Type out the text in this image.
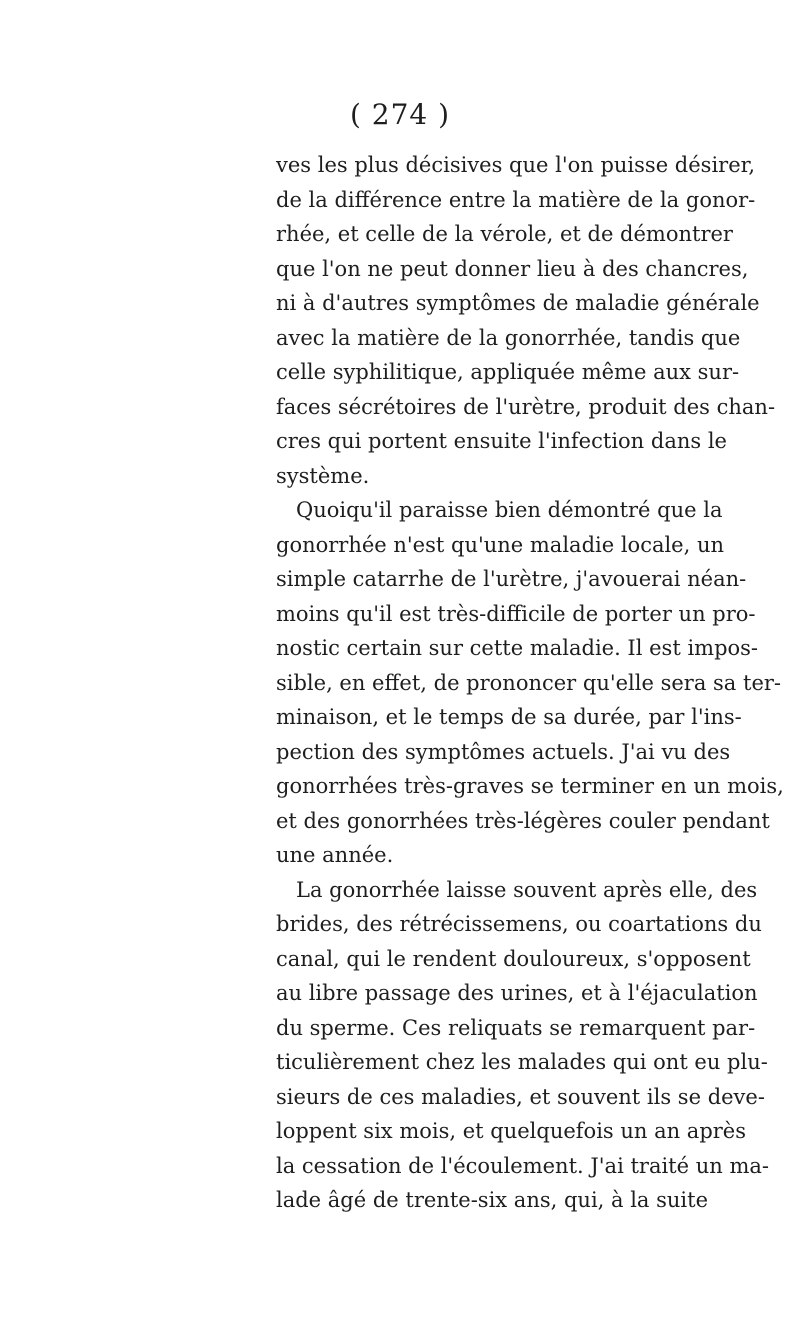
( 274 )
ves les plus décisives que l'on puisse désirer,
de la différence entre la matière de la gonor-
rhée, et celle de la vérole, et de démontrer
que l'on ne peut donner lieu à des chancres,
ni à d'autres symptômes de maladie générale
avec la matière de la gonorrhée, tandis que
celle syphilitique, appliquée même aux sur-
faces sécrétoires de l'urètre, produit des chan-
cres qui portent ensuite l'infection dans le
système.
Quoiqu'il paraisse bien démontré que la
gonorrhée n'est qu'une maladie locale, un
simple catarrhe de l'urètre, j'avouerai néan-
moins qu'il est très-difficile de porter un pro-
nostic certain sur cette maladie. Il est impos-
sible, en effet, de prononcer qu'elle sera sa ter-
minaison, et le temps de sa durée, par l'ins-
pection des symptômes actuels. J'ai vu des
gonorrhées très-graves se terminer en un mois,
et des gonorrhées très-légères couler pendant
une année.
La gonorrhée laisse souvent après elle, des
brides, des rétrécissemens, ou coartations du
canal, qui le rendent douloureux, s'opposent
au libre passage des urines, et à l'éjaculation
du sperme. Ces reliquats se remarquent par-
ticulièrement chez les malades qui ont eu plu-
sieurs de ces maladies, et souvent ils se deve-
loppent six mois, et quelquefois un an après
la cessation de l'écoulement. J'ai traité un ma-
lade âgé de trente-six ans, qui, à la suite
